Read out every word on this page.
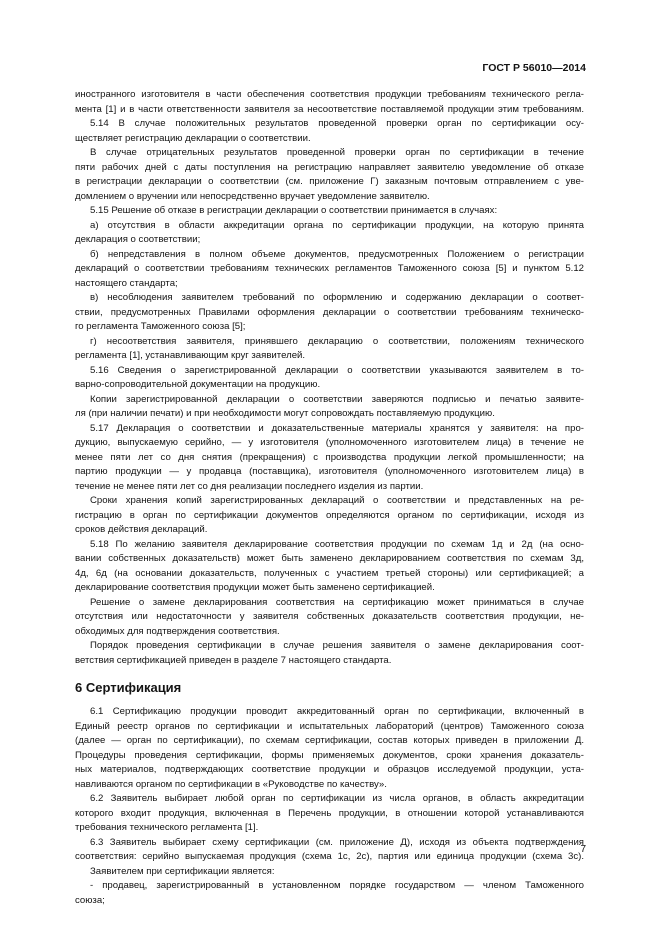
ГОСТ Р 56010—2014
иностранного изготовителя в части обеспечения соответствия продукции требованиям технического регла-
мента [1] и в части ответственности заявителя за несоответствие поставляемой продукции этим требованиям.
5.14 В случае положительных результатов проведенной проверки орган по сертификации осу-
ществляет регистрацию декларации о соответствии.
В случае отрицательных результатов проведенной проверки орган по сертификации в течение
пяти рабочих дней с даты поступления на регистрацию направляет заявителю уведомление об отказе
в регистрации декларации о соответствии (см. приложение Г) заказным почтовым отправлением с уве-
домлением о вручении или непосредственно вручает уведомление заявителю.
5.15 Решение об отказе в регистрации декларации о соответствии принимается в случаях:
а) отсутствия в области аккредитации органа по сертификации продукции, на которую принята
декларация о соответствии;
б) непредставления в полном объеме документов, предусмотренных Положением о регистрации
деклараций о соответствии требованиям технических регламентов Таможенного союза [5] и пунктом 5.12
настоящего стандарта;
в) несоблюдения заявителем требований по оформлению и содержанию декларации о соответ-
ствии, предусмотренных Правилами оформления декларации о соответствии требованиям техническо-
го регламента Таможенного союза [5];
г) несоответствия заявителя, принявшего декларацию о соответствии, положениям технического
регламента [1], устанавливающим круг заявителей.
5.16 Сведения о зарегистрированной декларации о соответствии указываются заявителем в то-
варно-сопроводительной документации на продукцию.
Копии зарегистрированной декларации о соответствии заверяются подписью и печатью заявите-
ля (при наличии печати) и при необходимости могут сопровождать поставляемую продукцию.
5.17 Декларация о соответствии и доказательственные материалы хранятся у заявителя: на про-
дукцию, выпускаемую серийно, — у изготовителя (уполномоченного изготовителем лица) в течение не
менее пяти лет со дня снятия (прекращения) с производства продукции легкой промышленности; на
партию продукции — у продавца (поставщика), изготовителя (уполномоченного изготовителем лица) в
течение не менее пяти лет со дня реализации последнего изделия из партии.
Сроки хранения копий зарегистрированных деклараций о соответствии и представленных на ре-
гистрацию в орган по сертификации документов определяются органом по сертификации, исходя из
сроков действия деклараций.
5.18 По желанию заявителя декларирование соответствия продукции по схемам 1д и 2д (на осно-
вании собственных доказательств) может быть заменено декларированием соответствия по схемам 3д,
4д, 6д (на основании доказательств, полученных с участием третьей стороны) или сертификацией; а
декларирование соответствия продукции может быть заменено сертификацией.
Решение о замене декларирования соответствия на сертификацию может приниматься в случае
отсутствия или недостаточности у заявителя собственных доказательств соответствия продукции, не-
обходимых для подтверждения соответствия.
Порядок проведения сертификации в случае решения заявителя о замене декларирования соот-
ветствия сертификацией приведен в разделе 7 настоящего стандарта.
6 Сертификация
6.1 Сертификацию продукции проводит аккредитованный орган по сертификации, включенный в
Единый реестр органов по сертификации и испытательных лабораторий (центров) Таможенного союза
(далее — орган по сертификации), по схемам сертификации, состав которых приведен в приложении Д.
Процедуры проведения сертификации, формы применяемых документов, сроки хранения доказатель-
ных материалов, подтверждающих соответствие продукции и образцов исследуемой продукции, уста-
навливаются органом по сертификации в «Руководстве по качеству».
6.2 Заявитель выбирает любой орган по сертификации из числа органов, в область аккредитации
которого входит продукция, включенная в Перечень продукции, в отношении которой устанавливаются
требования технического регламента [1].
6.3 Заявитель выбирает схему сертификации (см. приложение Д), исходя из объекта подтверждения
соответствия: серийно выпускаемая продукция (схема 1с, 2с), партия или единица продукции (схема 3с).
Заявителем при сертификации является:
- продавец, зарегистрированный в установленном порядке государством — членом Таможенного
союза;
7
